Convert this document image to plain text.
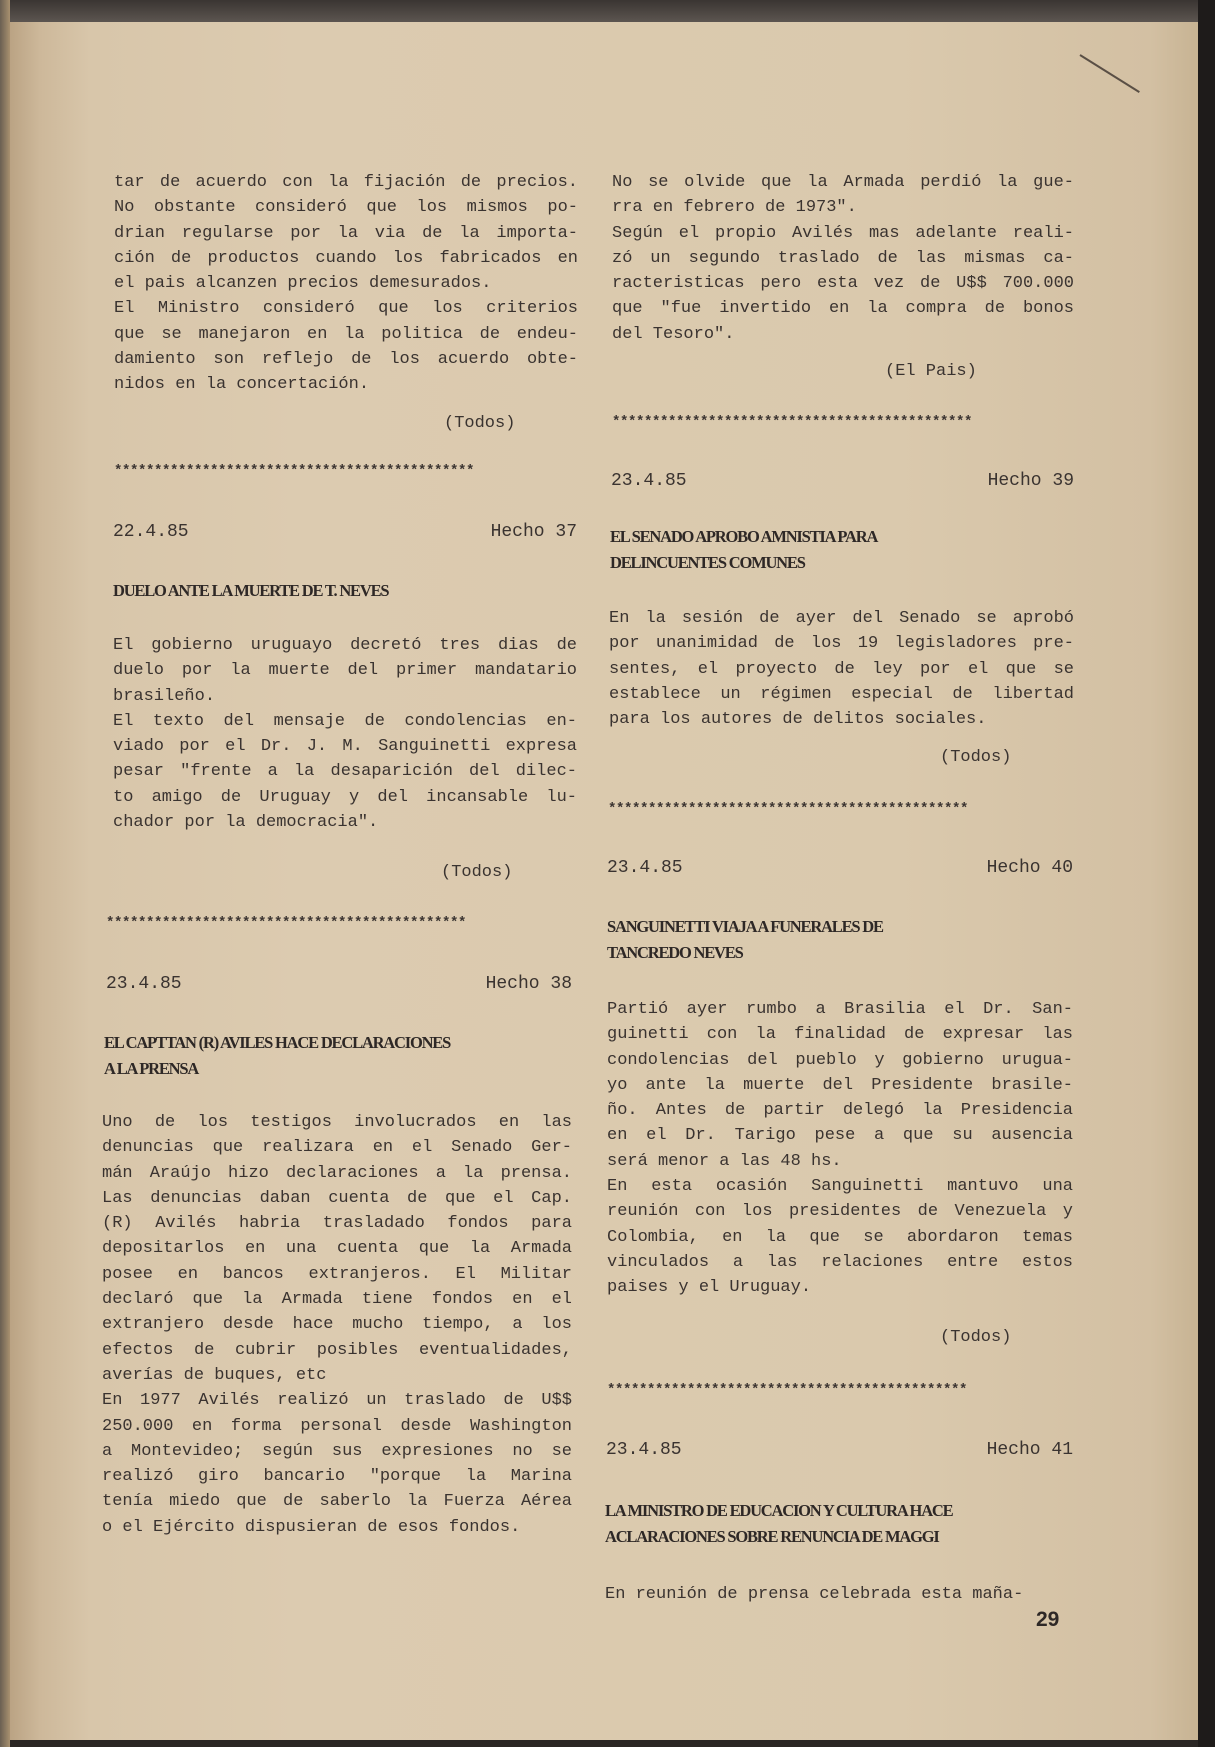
tar de acuerdo con la fijación de precios.
No obstante consideró que los mismos po-
drian regularse por la via de la importa-
ción de productos cuando los fabricados en
el pais alcanzen precios demesurados.
El Ministro consideró que los criterios
que se manejaron en la politica de endeu-
damiento son reflejo de los acuerdo obte-
nidos en la concertación.
(Todos)
*********************************************
22.4.85	Hecho 37
DUELO ANTE LA MUERTE DE T. NEVES
El gobierno uruguayo decretó tres dias de
duelo por la muerte del primer mandatario
brasileño.
El texto del mensaje de condolencias en-
viado por el Dr. J. M. Sanguinetti expresa
pesar "frente a la desaparición del dilec-
to amigo de Uruguay y del incansable lu-
chador por la democracia".
(Todos)
*********************************************
23.4.85	Hecho 38
EL CAPTTAN (R) AVILES HACE DECLARACIONES
A LA PRENSA
Uno de los testigos involucrados en las
denuncias que realizara en el Senado Ger-
mán Araújo hizo declaraciones a la prensa.
Las denuncias daban cuenta de que el Cap.
(R) Avilés habria trasladado fondos para
depositarlos en una cuenta que la Armada
posee en bancos extranjeros. El Militar
declaró que la Armada tiene fondos en el
extranjero desde hace mucho tiempo, a los
efectos de cubrir posibles eventualidades,
averías de buques, etc
En 1977 Avilés realizó un traslado de U$$
250.000 en forma personal desde Washington
a Montevideo; según sus expresiones no se
realizó giro bancario "porque la Marina
tenía miedo que de saberlo la Fuerza Aérea
o el Ejército dispusieran de esos fondos.
No se olvide que la Armada perdió la gue-
rra en febrero de 1973".
Según el propio Avilés mas adelante reali-
zó un segundo traslado de las mismas ca-
racteristicas pero esta vez de U$$ 700.000
que "fue invertido en la compra de bonos
del Tesoro".
(El Pais)
*********************************************
23.4.85	Hecho 39
EL SENADO APROBO AMNISTIA PARA
DELINCUENTES COMUNES
En la sesión de ayer del Senado se aprobó
por unanimidad de los 19 legisladores pre-
sentes, el proyecto de ley por el que se
establece un régimen especial de libertad
para los autores de delitos sociales.
(Todos)
*********************************************
23.4.85	Hecho 40
SANGUINETTI VIAJA A FUNERALES DE
TANCREDO NEVES
Partió ayer rumbo a Brasilia el Dr. San-
guinetti con la finalidad de expresar las
condolencias del pueblo y gobierno urugua-
yo ante la muerte del Presidente brasile-
ño. Antes de partir delegó la Presidencia
en el Dr. Tarigo pese a que su ausencia
será menor a las 48 hs.
En esta ocasión Sanguinetti mantuvo una
reunión con los presidentes de Venezuela y
Colombia, en la que se abordaron temas
vinculados a las relaciones entre estos
paises y el Uruguay.
(Todos)
*********************************************
23.4.85	Hecho 41
LA MINISTRO DE EDUCACION Y CULTURA HACE
ACLARACIONES SOBRE RENUNCIA DE MAGGI
En reunión de prensa celebrada esta maña-
29
